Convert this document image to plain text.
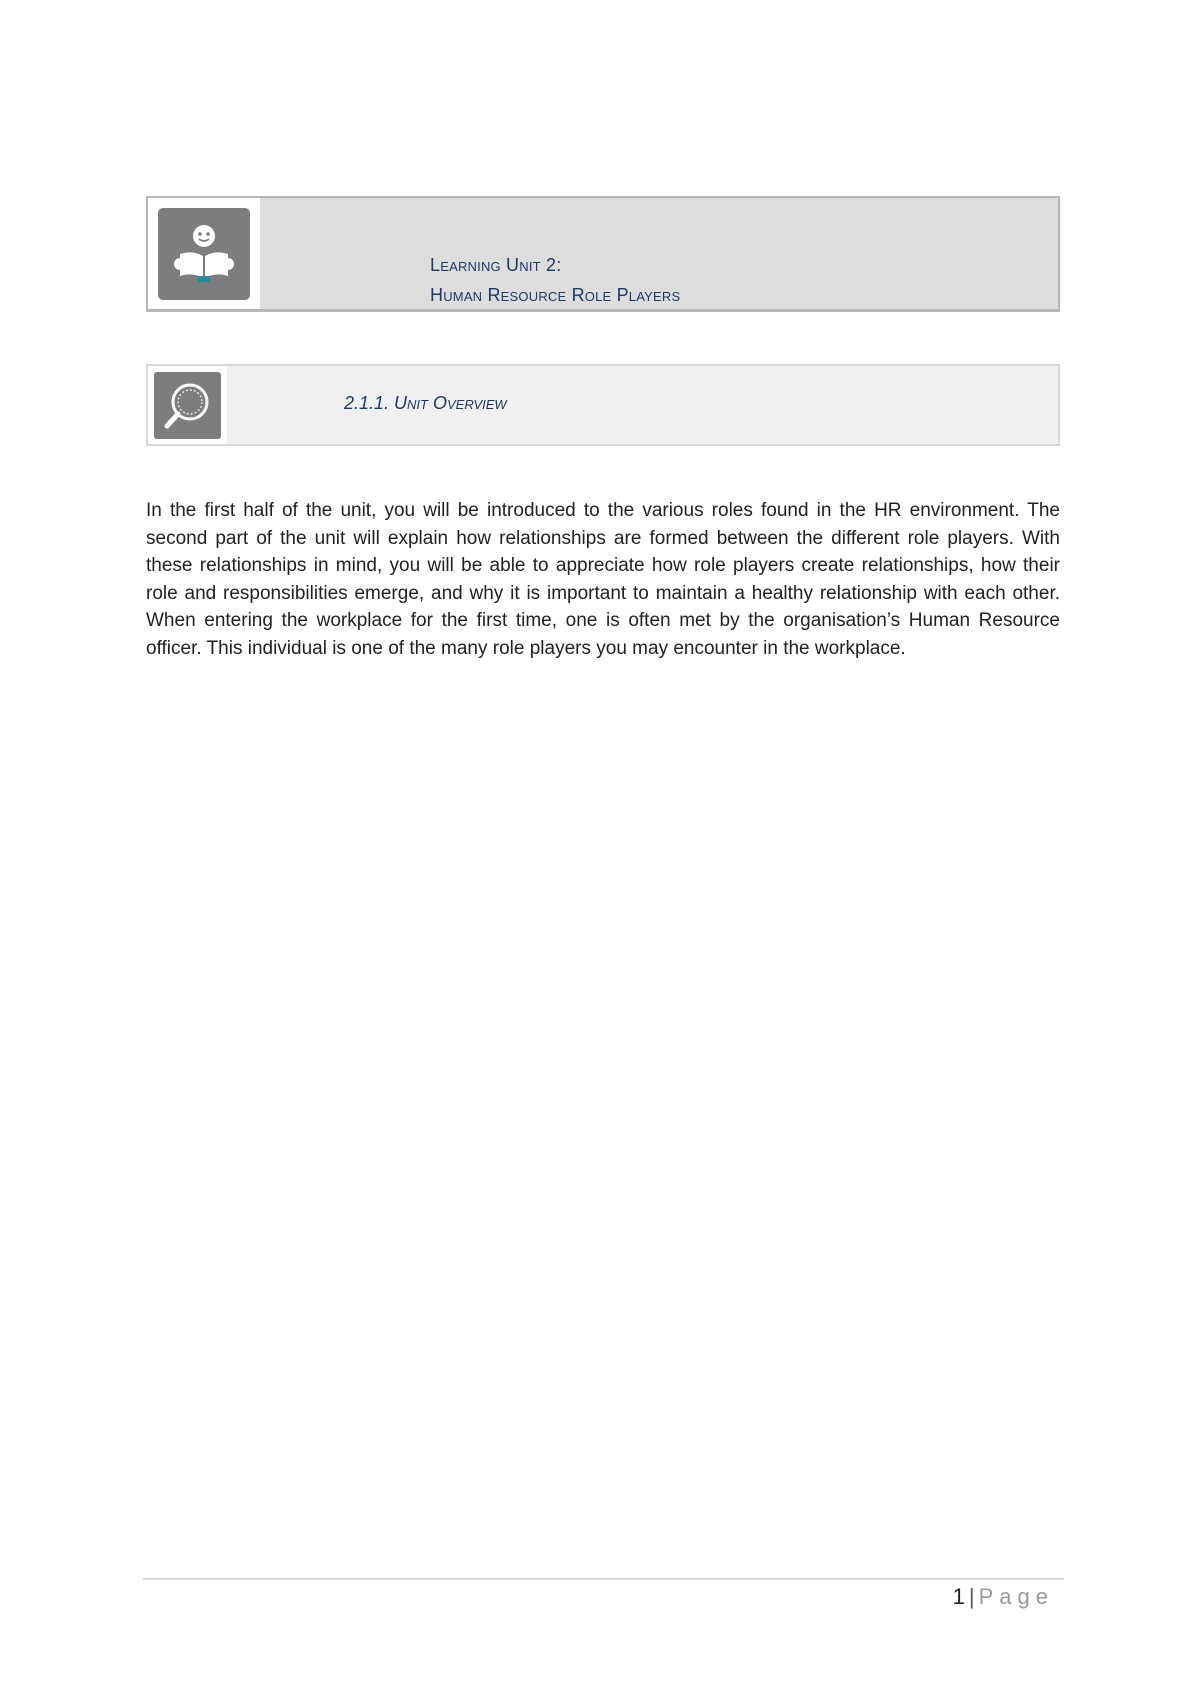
Learning Unit 2:
Human Resource Role Players
2.1.1. Unit Overview

In the first half of the unit, you will be introduced to the various roles found in the HR environment. The second part of the unit will explain how relationships are formed between the different role players. With these relationships in mind, you will be able to appreciate how role players create relationships, how their role and responsibilities emerge, and why it is important to maintain a healthy relationship with each other. When entering the workplace for the first time, one is often met by the organisation’s Human Resource officer. This individual is one of the many role players you may encounter in the workplace.

1 | Page
